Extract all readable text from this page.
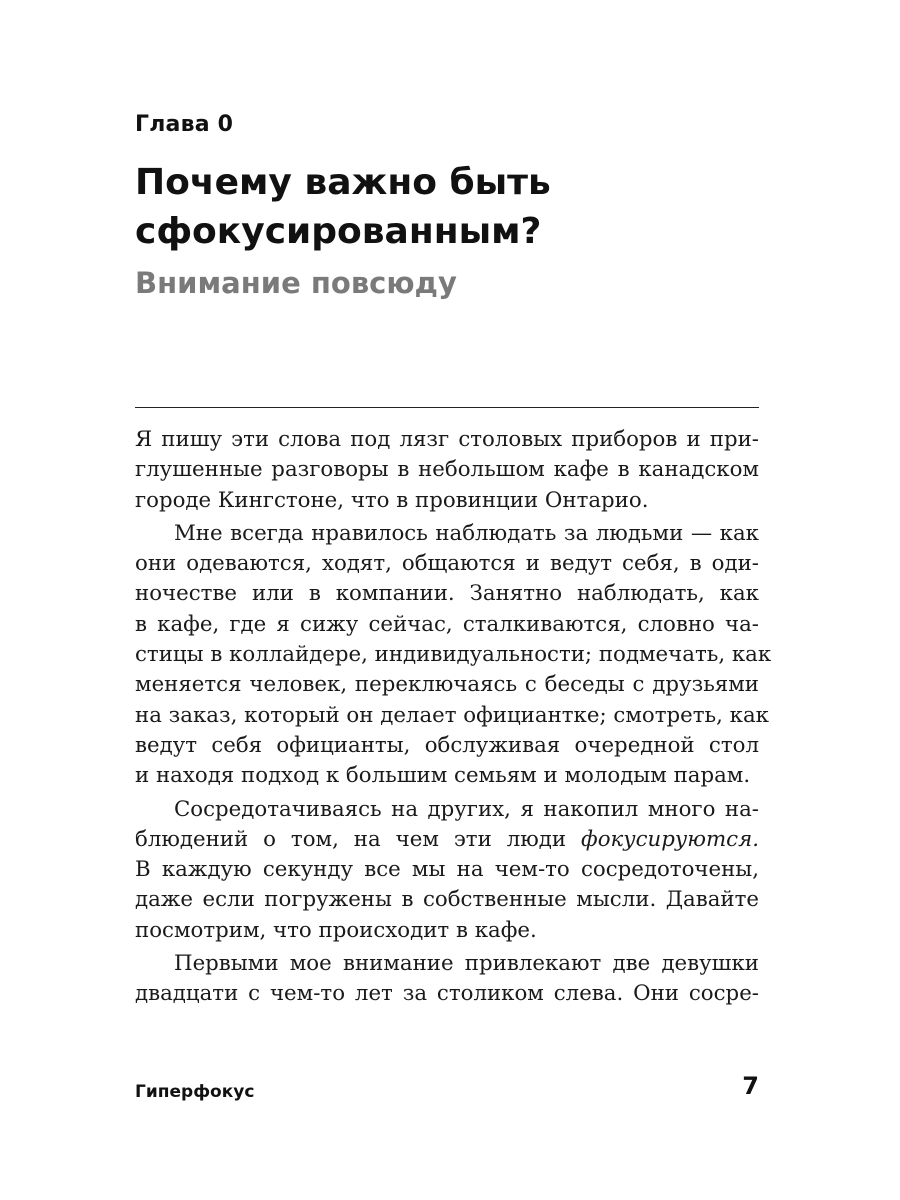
Глава 0
Почему важно быть
сфокусированным?
Внимание повсюду

Я пишу эти слова под лязг столовых приборов и при-
глушенные разговоры в небольшом кафе в канадском
городе Кингстоне, что в провинции Онтарио.

Мне всегда нравилось наблюдать за людьми — как
они одеваются, ходят, общаются и ведут себя, в оди-
ночестве или в компании. Занятно наблюдать, как
в кафе, где я сижу сейчас, сталкиваются, словно ча-
стицы в коллайдере, индивидуальности; подмечать, как
меняется человек, переключаясь с беседы с друзьями
на заказ, который он делает официантке; смотреть, как
ведут себя официанты, обслуживая очередной стол
и находя подход к большим семьям и молодым парам.

Сосредотачиваясь на других, я накопил много на-
блюдений о том, на чем эти люди фокусируются.
В каждую секунду все мы на чем-то сосредоточены,
даже если погружены в собственные мысли. Давайте
посмотрим, что происходит в кафе.

Первыми мое внимание привлекают две девушки
двадцати с чем-то лет за столиком слева. Они сосре-

Гиперфокус	7
